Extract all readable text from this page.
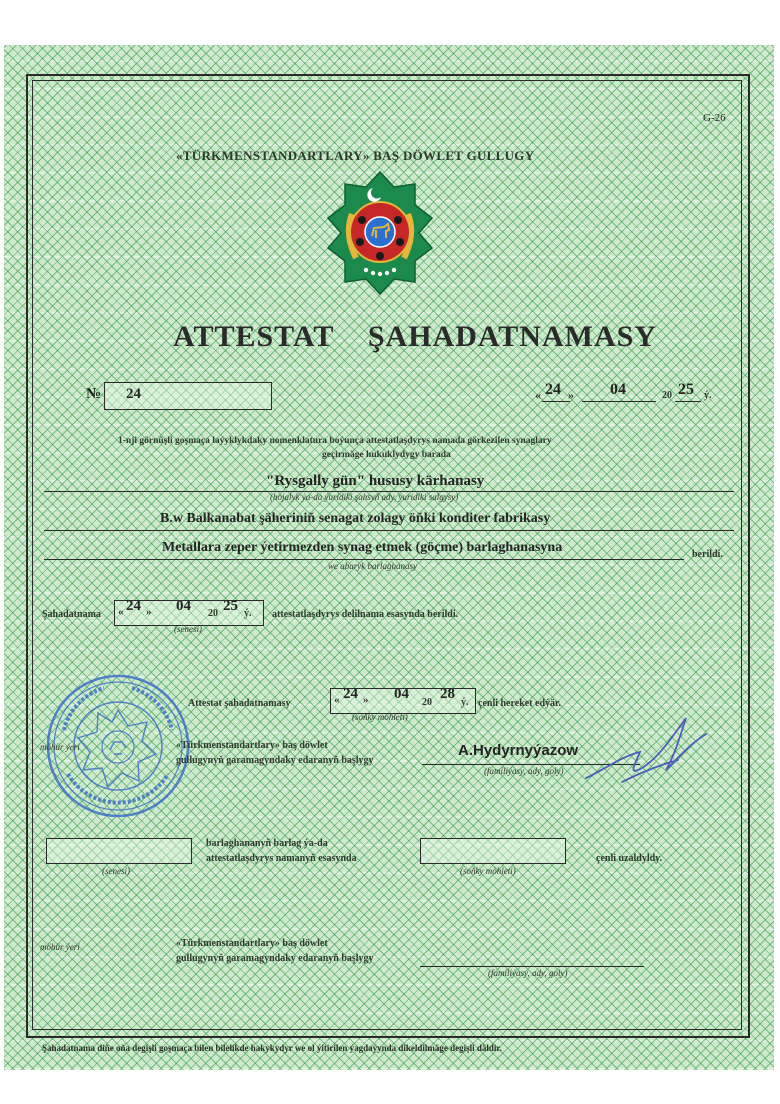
G-26
«TÜRKMENSTANDARTLARY» BAŞ DÖWLET GULLUGY
ATTESTAT    ŞAHADATNAMASY
№ 24	« 24 » 04	20 25 ý.
1-nji görnüşli goşmaça laýyklykdaky nomenklatura boýunça attestatlaşdyrys namada görkezilen synaglary
geçirmäge hukuklydygy barada
"Rysgally gün" hususy kärhanasy
(hojalyk ýa-da ýuridiki şahsyň ady, ýuridiki salgysy)
B.w Balkanabat şäheriniň senagat zolagy öňki konditer fabrikasy
Metallara zeper ýetirmezden synag etmek (göçme) barlaghanasyna
we abaryk barlaghanasy
berildi.
Şahadatnama « 24 » 04 20 25 ý.
(senesi)
attestatlaşdyrys delilnama esasynda berildi.
Attestat şahadatnamasy	« 24 » 04
20
28
ý.
(soňky möhleti)
çenli hereket edýär.
möhür ýeri	«Türkmenstandartlary» baş döwlet
gullugynyň garamagyndaky edaranyň başlygy
A.Hydyrnyýazow
(familiýasy, ady, goly)
(senesi)
barlaghananyň barlag ýa-da
attestatlaşdyrys namanyň esasynda
(soňky möhleti)
çenli uzaldyldy.
möhür ýeri	«Türkmenstandartlary» baş döwlet
gullugynyň garamagyndaky edaranyň başlygy
(familiýasy, ady, goly)
Şahadatnama diňe oňa degişli goşmaça bilen bilelikde hakykydyr we ol ýitirilen ýagdaýynda dikeldilmäge degişli däldir.
